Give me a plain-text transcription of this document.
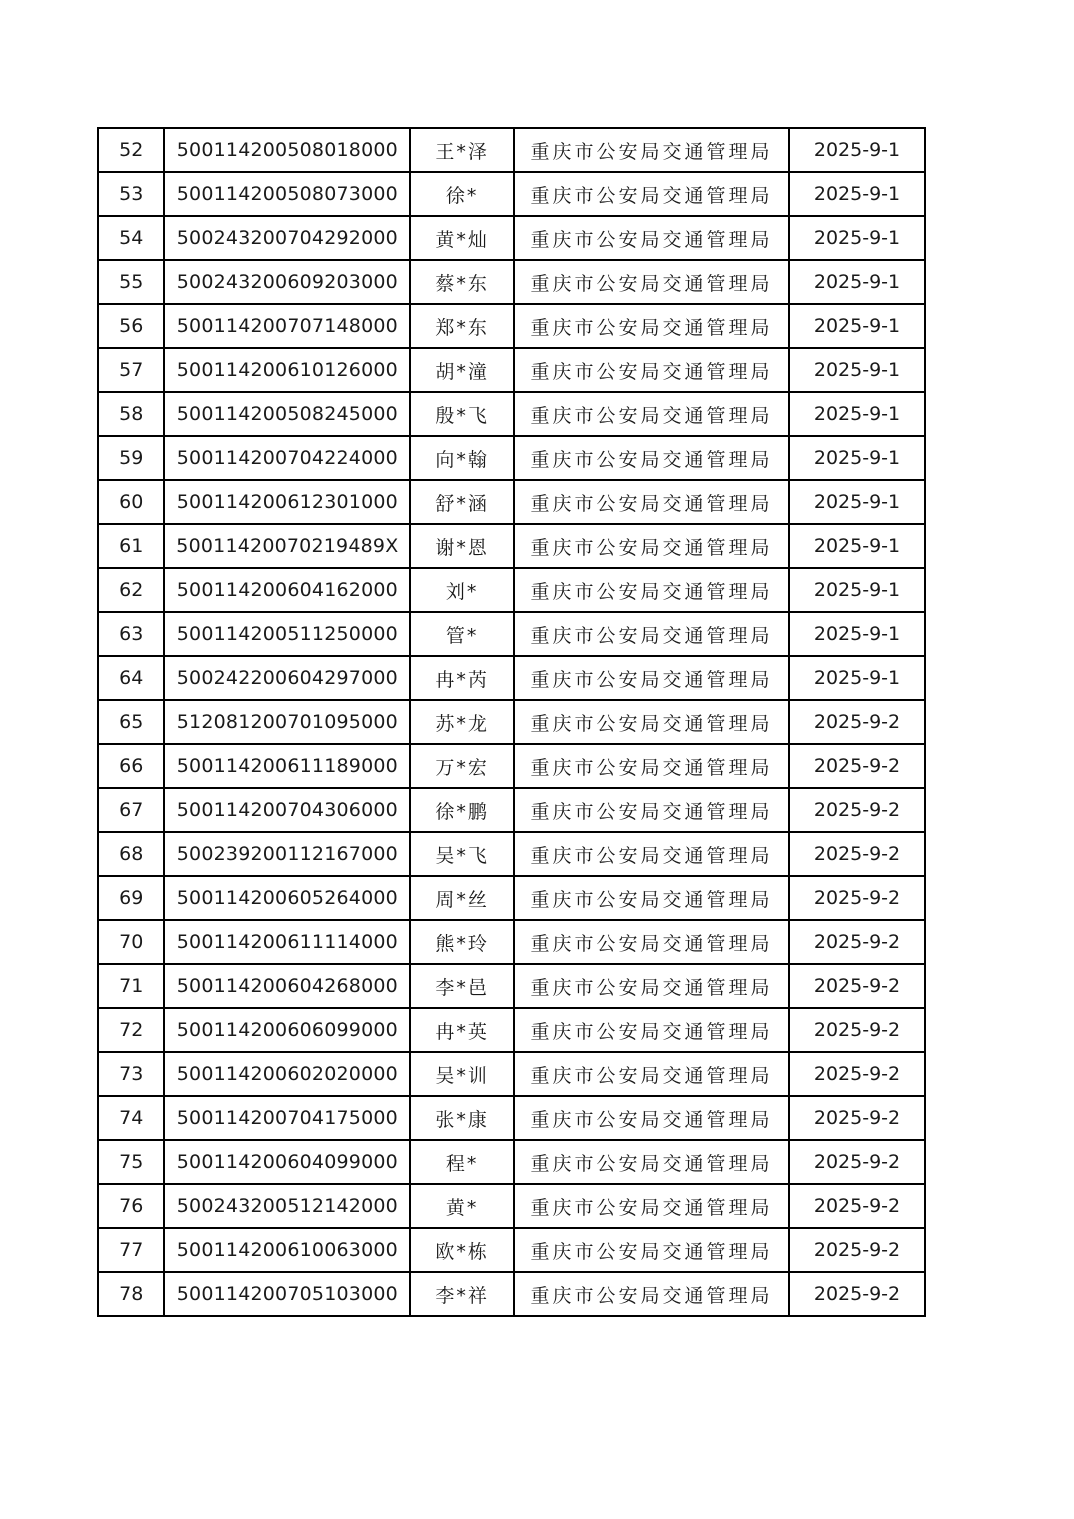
52	500114200508018000	王*泽	重庆市公安局交通管理局	2025-9-1
53	500114200508073000	徐*	重庆市公安局交通管理局	2025-9-1
54	500243200704292000	黄*灿	重庆市公安局交通管理局	2025-9-1
55	500243200609203000	蔡*东	重庆市公安局交通管理局	2025-9-1
56	500114200707148000	郑*东	重庆市公安局交通管理局	2025-9-1
57	500114200610126000	胡*潼	重庆市公安局交通管理局	2025-9-1
58	500114200508245000	殷*飞	重庆市公安局交通管理局	2025-9-1
59	500114200704224000	向*翰	重庆市公安局交通管理局	2025-9-1
60	500114200612301000	舒*涵	重庆市公安局交通管理局	2025-9-1
61	50011420070219489X	谢*恩	重庆市公安局交通管理局	2025-9-1
62	500114200604162000	刘*	重庆市公安局交通管理局	2025-9-1
63	500114200511250000	管*	重庆市公安局交通管理局	2025-9-1
64	500242200604297000	冉*芮	重庆市公安局交通管理局	2025-9-1
65	512081200701095000	苏*龙	重庆市公安局交通管理局	2025-9-2
66	500114200611189000	万*宏	重庆市公安局交通管理局	2025-9-2
67	500114200704306000	徐*鹏	重庆市公安局交通管理局	2025-9-2
68	500239200112167000	吴*飞	重庆市公安局交通管理局	2025-9-2
69	500114200605264000	周*丝	重庆市公安局交通管理局	2025-9-2
70	500114200611114000	熊*玲	重庆市公安局交通管理局	2025-9-2
71	500114200604268000	李*邑	重庆市公安局交通管理局	2025-9-2
72	500114200606099000	冉*英	重庆市公安局交通管理局	2025-9-2
73	500114200602020000	吴*训	重庆市公安局交通管理局	2025-9-2
74	500114200704175000	张*康	重庆市公安局交通管理局	2025-9-2
75	500114200604099000	程*	重庆市公安局交通管理局	2025-9-2
76	500243200512142000	黄*	重庆市公安局交通管理局	2025-9-2
77	500114200610063000	欧*栋	重庆市公安局交通管理局	2025-9-2
78	500114200705103000	李*祥	重庆市公安局交通管理局	2025-9-2
